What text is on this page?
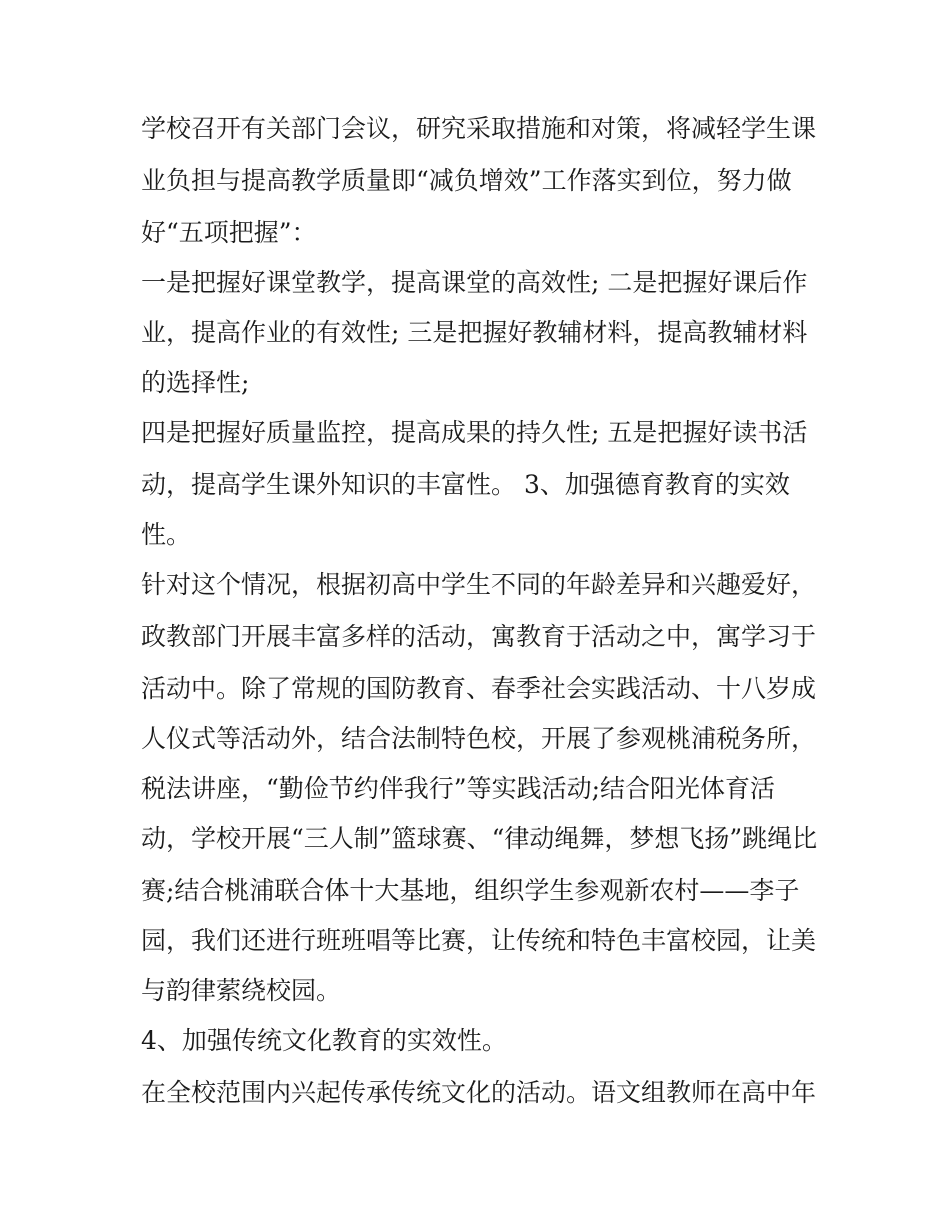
学校召开有关部门会议，研究采取措施和对策，将减轻学生课
业负担与提高教学质量即“减负增效”工作落实到位，努力做
好“五项把握”：
一是把握好课堂教学，提高课堂的高效性; 二是把握好课后作
业，提高作业的有效性; 三是把握好教辅材料，提高教辅材料
的选择性;
四是把握好质量监控，提高成果的持久性; 五是把握好读书活
动，提高学生课外知识的丰富性。 3、加强德育教育的实效
性。
针对这个情况，根据初高中学生不同的年龄差异和兴趣爱好，
政教部门开展丰富多样的活动，寓教育于活动之中，寓学习于
活动中。除了常规的国防教育、春季社会实践活动、十八岁成
人仪式等活动外，结合法制特色校，开展了参观桃浦税务所，
税法讲座，“勤俭节约伴我行”等实践活动;结合阳光体育活
动，学校开展“三人制”篮球赛、“律动绳舞，梦想飞扬”跳绳比
赛;结合桃浦联合体十大基地，组织学生参观新农村——李子
园，我们还进行班班唱等比赛，让传统和特色丰富校园，让美
与韵律萦绕校园。
4、加强传统文化教育的实效性。
在全校范围内兴起传承传统文化的活动。语文组教师在高中年
